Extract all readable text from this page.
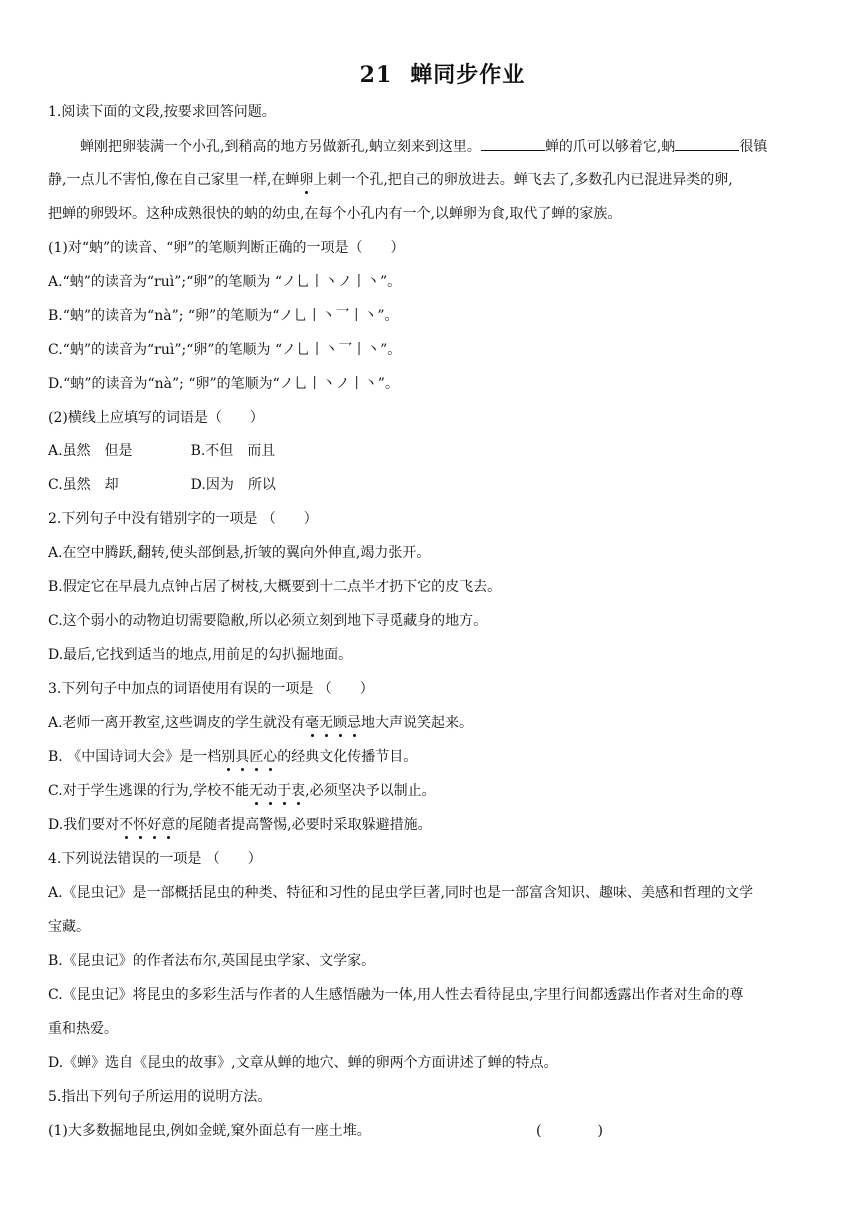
21 蝉同步作业
1.阅读下面的文段,按要求回答问题。
蝉刚把卵装满一个小孔,到稍高的地方另做新孔,蚋立刻来到这里。	蝉的爪可以够着它,蚋	很镇
静,一点儿不害怕,像在自己家里一样,在蝉卵上刺一个孔,把自己的卵放进去。蝉飞去了,多数孔内已混进异类的卵,
把蝉的卵毁坏。这种成熟很快的蚋的幼虫,在每个小孔内有一个,以蝉卵为食,取代了蝉的家族。
(1)对“蚋”的读音、“卵”的笔顺判断正确的一项是（　　）
A.“蚋”的读音为“ruì”;“卵”的笔顺为 “ノ乚丨丶ノ丨丶”。
B.“蚋”的读音为“nà”; “卵”的笔顺为“ノ乚丨丶乛丨丶”。
C.“蚋”的读音为“ruì”;“卵”的笔顺为 “ノ乚丨丶乛丨丶”。
D.“蚋”的读音为“nà”; “卵”的笔顺为“ノ乚丨丶ノ丨丶”。
(2)横线上应填写的词语是（　　）
A.虽然　但是	B.不但　而且
C.虽然　却	D.因为　所以
2.下列句子中没有错别字的一项是 （　　）
A.在空中腾跃,翻转,使头部倒悬,折皱的翼向外伸直,竭力张开。
B.假定它在早晨九点钟占居了树枝,大概要到十二点半才扔下它的皮飞去。
C.这个弱小的动物迫切需要隐敝,所以必须立刻到地下寻觅藏身的地方。
D.最后,它找到适当的地点,用前足的勾扒掘地面。
3.下列句子中加点的词语使用有误的一项是 （　　）
A.老师一离开教室,这些调皮的学生就没有毫无顾忌地大声说笑起来。
B. 《中国诗词大会》是一档别具匠心的经典文化传播节目。
C.对于学生逃课的行为,学校不能无动于衷,必须坚决予以制止。
D.我们要对不怀好意的尾随者提高警惕,必要时采取躲避措施。
4.下列说法错误的一项是 （　　）
A.《昆虫记》是一部概括昆虫的种类、特征和习性的昆虫学巨著,同时也是一部富含知识、趣味、美感和哲理的文学
宝藏。
B.《昆虫记》的作者法布尔,英国昆虫学家、文学家。
C.《昆虫记》将昆虫的多彩生活与作者的人生感悟融为一体,用人性去看待昆虫,字里行间都透露出作者对生命的尊
重和热爱。
D.《蝉》选自《昆虫的故事》,文章从蝉的地穴、蝉的卵两个方面讲述了蝉的特点。
5.指出下列句子所运用的说明方法。
(1)大多数掘地昆虫,例如金蜣,窠外面总有一座土堆。	(　　　　)
